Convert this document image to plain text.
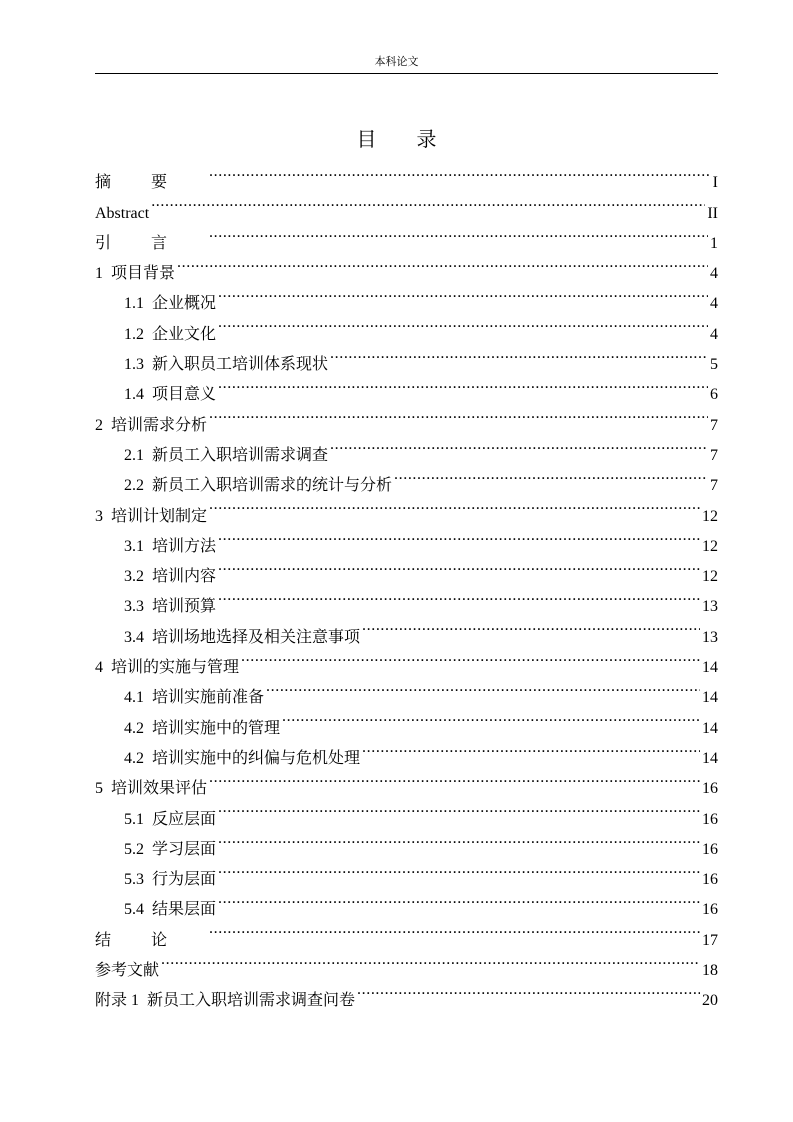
本科论文
目录
摘要 .....	I
Abstract .....	II
引言 .....	1
1 项目背景 .....	4
1.1 企业概况 .....	4
1.2 企业文化 .....	4
1.3 新入职员工培训体系现状 .....	5
1.4 项目意义 .....	6
2 培训需求分析 .....	7
2.1 新员工入职培训需求调查 .....	7
2.2 新员工入职培训需求的统计与分析 .....	7
3 培训计划制定 .....	12
3.1 培训方法 .....	12
3.2 培训内容 .....	12
3.3 培训预算 .....	13
3.4 培训场地选择及相关注意事项 .....	13
4 培训的实施与管理 .....	14
4.1 培训实施前准备 .....	14
4.2 培训实施中的管理 .....	14
4.2 培训实施中的纠偏与危机处理 .....	14
5 培训效果评估 .....	16
5.1 反应层面 .....	16
5.2 学习层面 .....	16
5.3 行为层面 .....	16
5.4 结果层面 .....	16
结论 .....	17
参考文献 .....	18
附录 1 新员工入职培训需求调查问卷 .....	20
